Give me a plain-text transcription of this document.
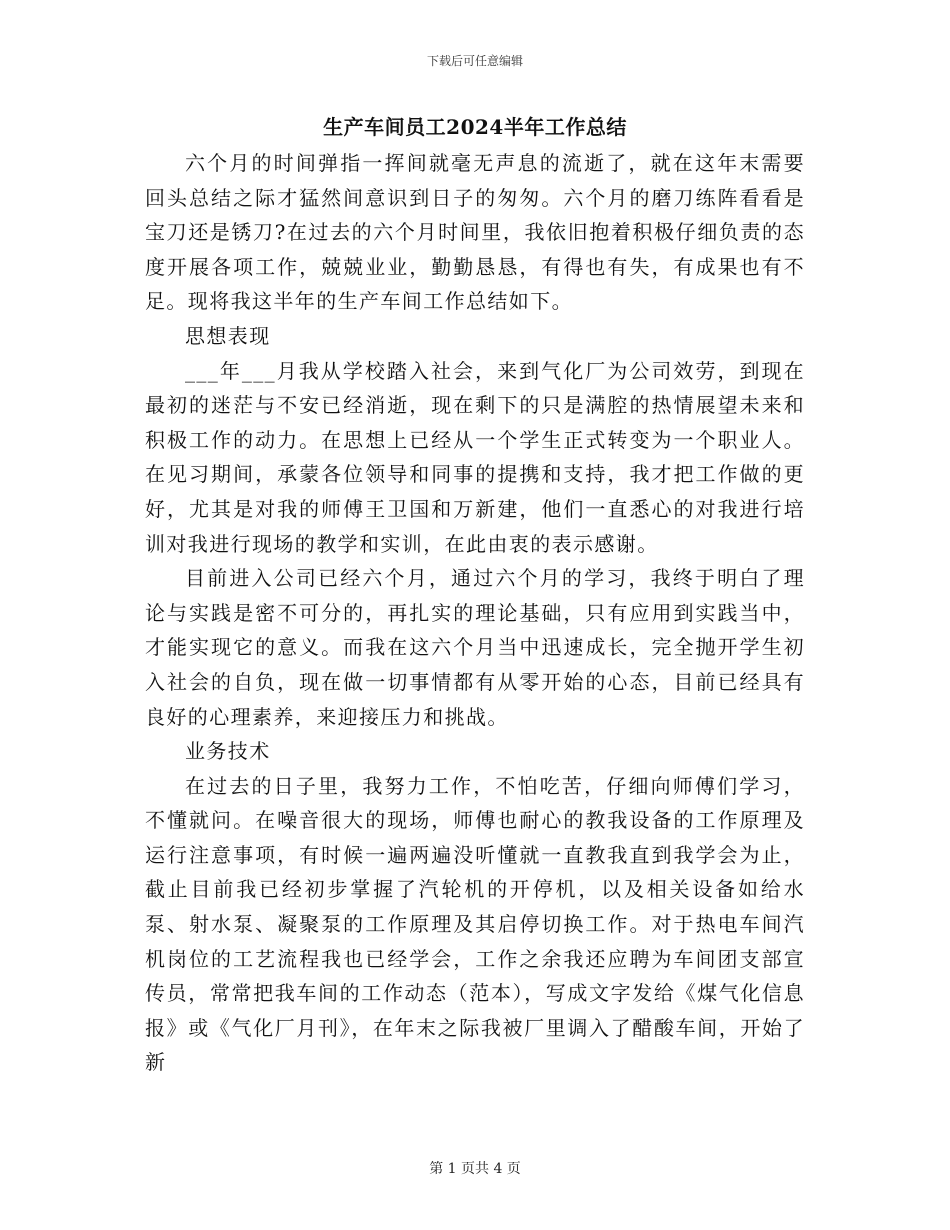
下载后可任意编辑
生产车间员工2024半年工作总结

六个月的时间弹指一挥间就毫无声息的流逝了，就在这年末需要回头总结之际才猛然间意识到日子的匆匆。六个月的磨刀练阵看看是宝刀还是锈刀?在过去的六个月时间里，我依旧抱着积极仔细负责的态度开展各项工作，兢兢业业，勤勤恳恳，有得也有失，有成果也有不足。现将我这半年的生产车间工作总结如下。

思想表现

___年___月我从学校踏入社会，来到气化厂为公司效劳，到现在最初的迷茫与不安已经消逝，现在剩下的只是满腔的热情展望未来和积极工作的动力。在思想上已经从一个学生正式转变为一个职业人。在见习期间，承蒙各位领导和同事的提携和支持，我才把工作做的更好，尤其是对我的师傅王卫国和万新建，他们一直悉心的对我进行培训对我进行现场的教学和实训，在此由衷的表示感谢。

目前进入公司已经六个月，通过六个月的学习，我终于明白了理论与实践是密不可分的，再扎实的理论基础，只有应用到实践当中，才能实现它的意义。而我在这六个月当中迅速成长，完全抛开学生初入社会的自负，现在做一切事情都有从零开始的心态，目前已经具有良好的心理素养，来迎接压力和挑战。

业务技术

在过去的日子里，我努力工作，不怕吃苦，仔细向师傅们学习，不懂就问。在噪音很大的现场，师傅也耐心的教我设备的工作原理及运行注意事项，有时候一遍两遍没听懂就一直教我直到我学会为止，截止目前我已经初步掌握了汽轮机的开停机，以及相关设备如给水泵、射水泵、凝聚泵的工作原理及其启停切换工作。对于热电车间汽机岗位的工艺流程我也已经学会，工作之余我还应聘为车间团支部宣传员，常常把我车间的工作动态（范本），写成文字发给《煤气化信息报》或《气化厂月刊》，在年末之际我被厂里调入了醋酸车间，开始了新

第 1 页共 4 页
